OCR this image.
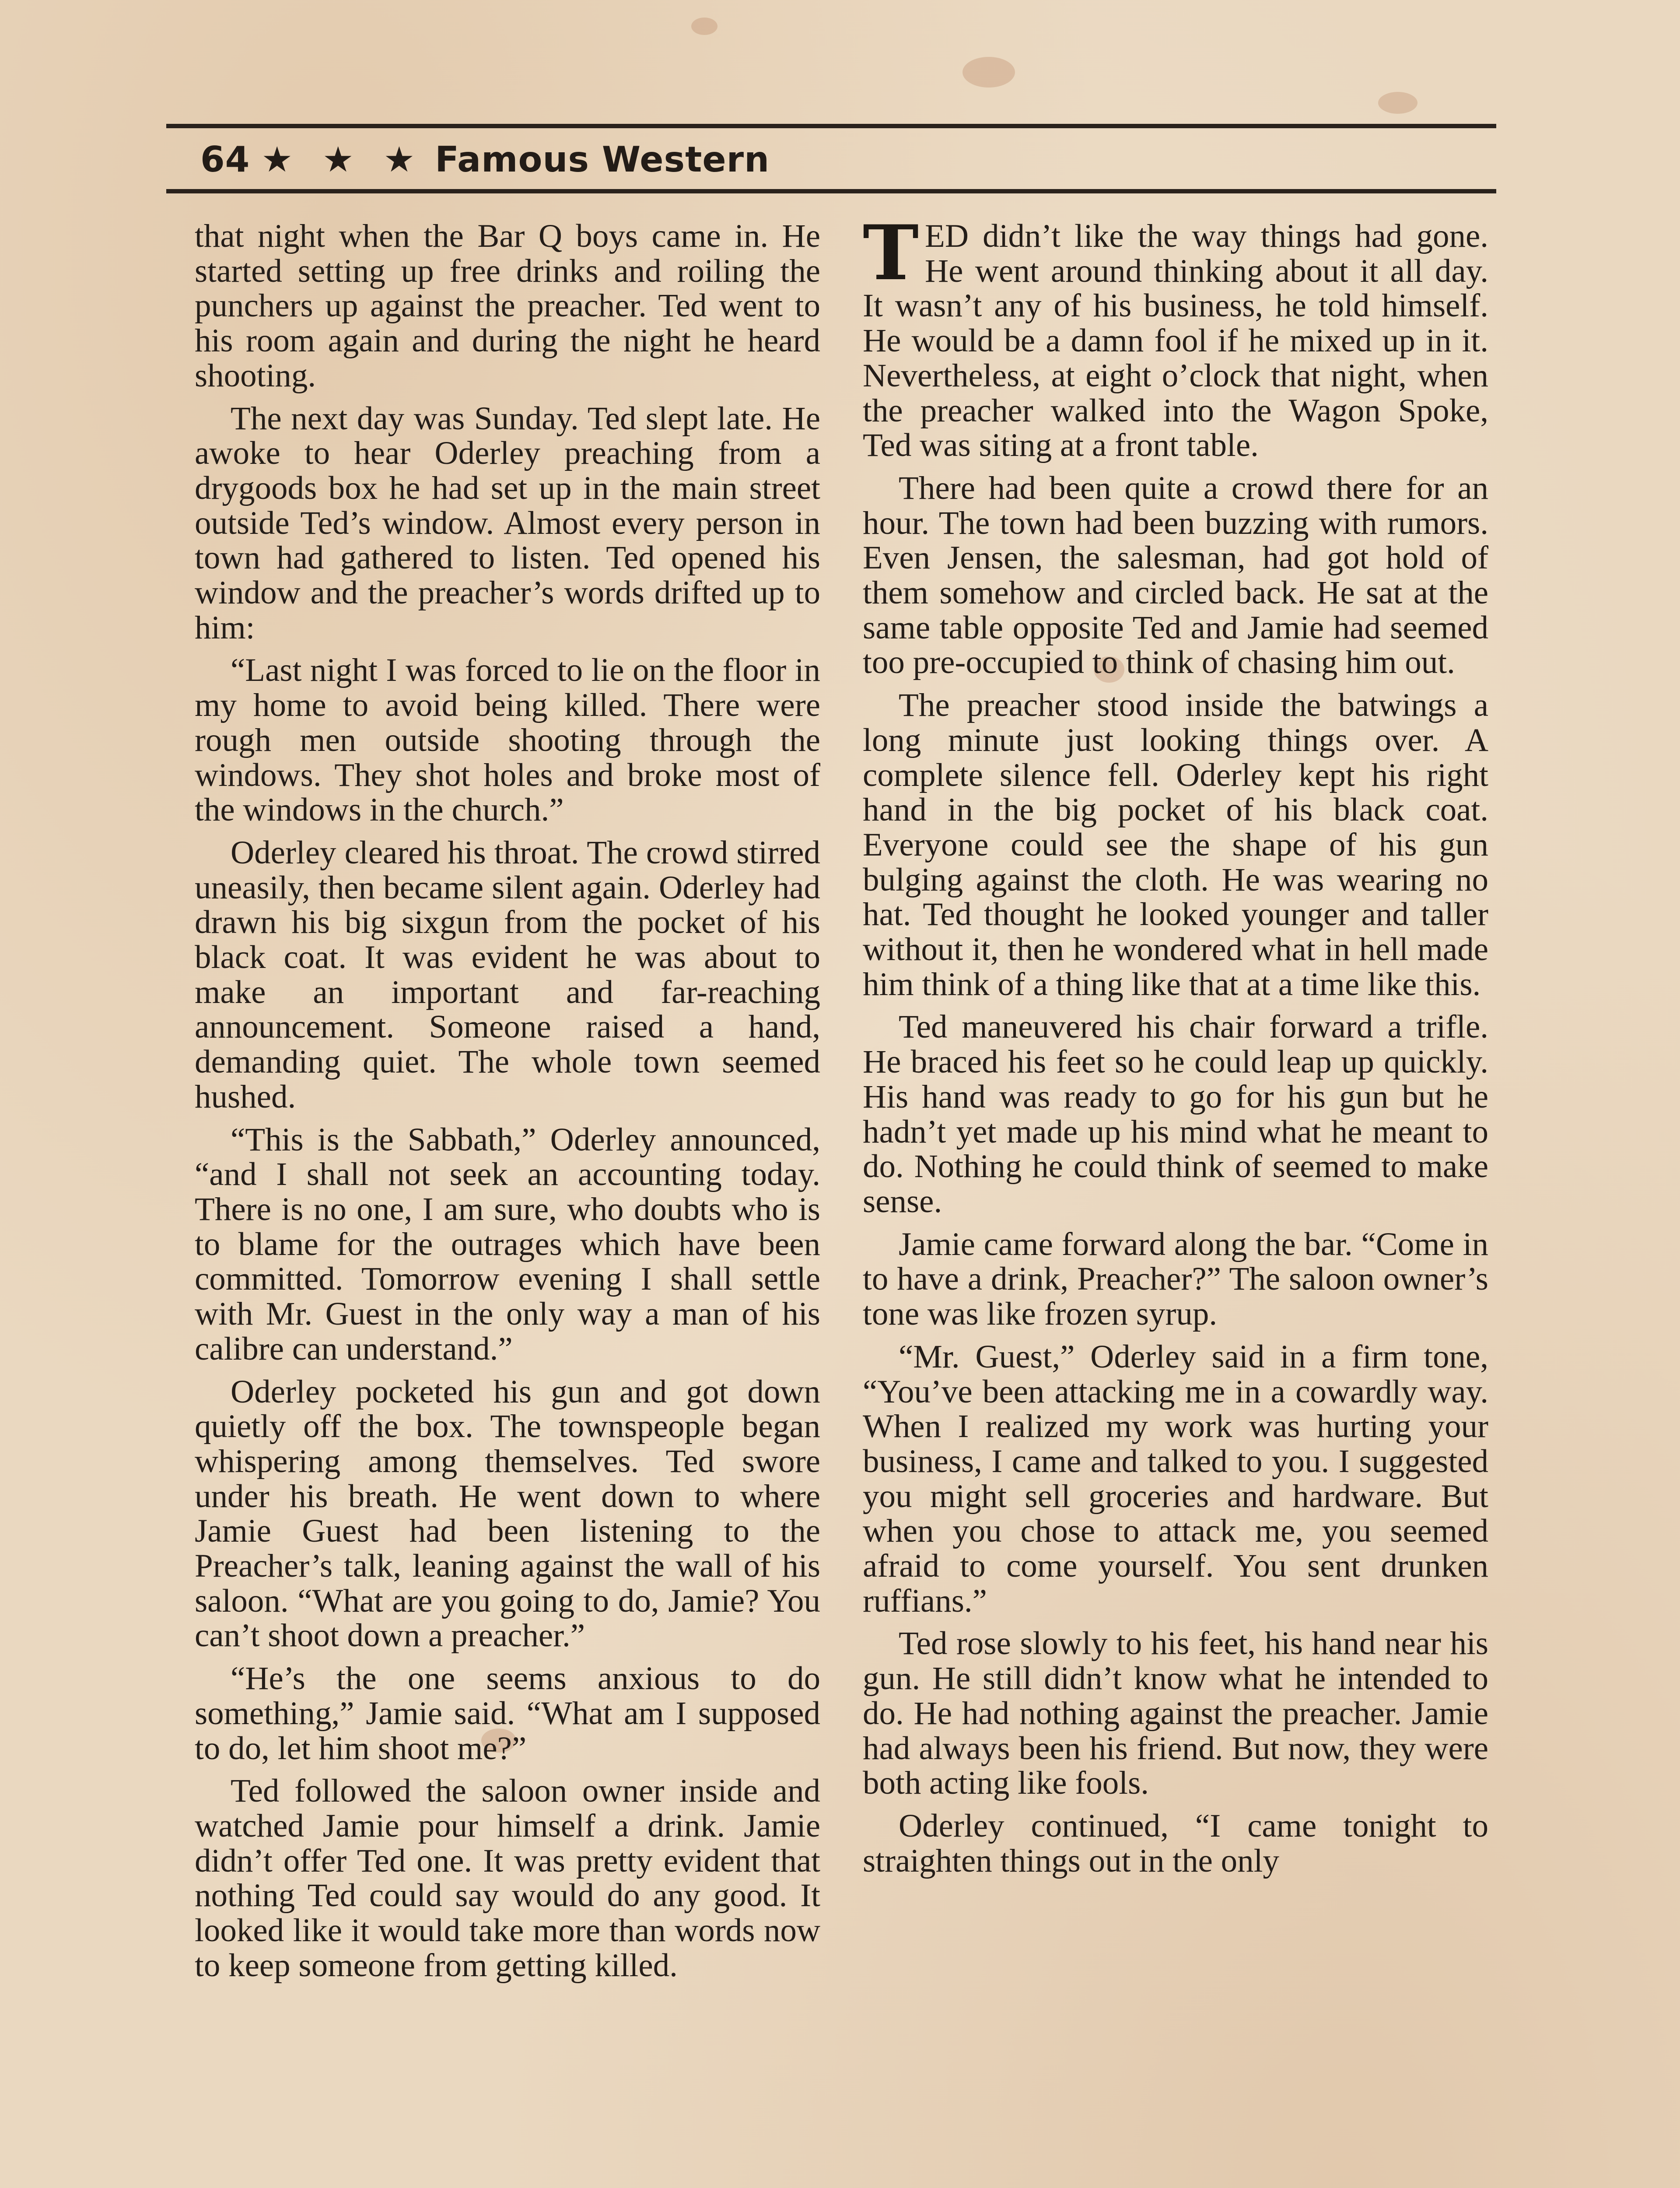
64 ★ ★ ★ Famous Western

that night when the Bar Q boys came in. He started setting up free drinks and roiling the punchers up against the preacher. Ted went to his room again and during the night he heard shooting.

The next day was Sunday. Ted slept late. He awoke to hear Oderley preaching from a drygoods box he had set up in the main street outside Ted’s window. Almost every person in town had gathered to listen. Ted opened his window and the preacher’s words drifted up to him:

“Last night I was forced to lie on the floor in my home to avoid being killed. There were rough men outside shooting through the windows. They shot holes and broke most of the windows in the church.”

Oderley cleared his throat. The crowd stirred uneasily, then became silent again. Oderley had drawn his big sixgun from the pocket of his black coat. It was evident he was about to make an important and far-reaching announcement. Someone raised a hand, demanding quiet. The whole town seemed hushed.

“This is the Sabbath,” Oderley announced, “and I shall not seek an accounting today. There is no one, I am sure, who doubts who is to blame for the outrages which have been committed. Tomorrow evening I shall settle with Mr. Guest in the only way a man of his calibre can understand.”

Oderley pocketed his gun and got down quietly off the box. The townspeople began whispering among themselves. Ted swore under his breath. He went down to where Jamie Guest had been listening to the Preacher’s talk, leaning against the wall of his saloon. “What are you going to do, Jamie? You can’t shoot down a preacher.”

“He’s the one seems anxious to do something,” Jamie said. “What am I supposed to do, let him shoot me?”

Ted followed the saloon owner inside and watched Jamie pour himself a drink. Jamie didn’t offer Ted one. It was pretty evident that nothing Ted could say would do any good. It looked like it would take more than words now to keep someone from getting killed.

TED didn’t like the way things had gone. He went around thinking about it all day. It wasn’t any of his business, he told himself. He would be a damn fool if he mixed up in it. Nevertheless, at eight o’clock that night, when the preacher walked into the Wagon Spoke, Ted was siting at a front table.

There had been quite a crowd there for an hour. The town had been buzzing with rumors. Even Jensen, the salesman, had got hold of them somehow and circled back. He sat at the same table opposite Ted and Jamie had seemed too pre-occupied to think of chasing him out.

The preacher stood inside the batwings a long minute just looking things over. A complete silence fell. Oderley kept his right hand in the big pocket of his black coat. Everyone could see the shape of his gun bulging against the cloth. He was wearing no hat. Ted thought he looked younger and taller without it, then he wondered what in hell made him think of a thing like that at a time like this.

Ted maneuvered his chair forward a trifle. He braced his feet so he could leap up quickly. His hand was ready to go for his gun but he hadn’t yet made up his mind what he meant to do. Nothing he could think of seemed to make sense.

Jamie came forward along the bar. “Come in to have a drink, Preacher?” The saloon owner’s tone was like frozen syrup.

“Mr. Guest,” Oderley said in a firm tone, “You’ve been attacking me in a cowardly way. When I realized my work was hurting your business, I came and talked to you. I suggested you might sell groceries and hardware. But when you chose to attack me, you seemed afraid to come yourself. You sent drunken ruffians.”

Ted rose slowly to his feet, his hand near his gun. He still didn’t know what he intended to do. He had nothing against the preacher. Jamie had always been his friend. But now, they were both acting like fools.

Oderley continued, “I came tonight to straighten things out in the only
